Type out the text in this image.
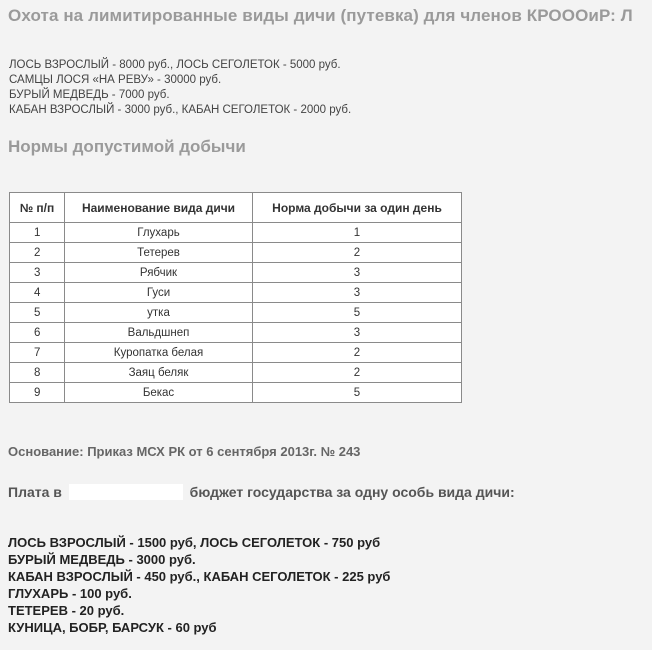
Охота на лимитированные виды дичи (путевка) для членов КРОООиР: Л
ЛОСЬ ВЗРОСЛЫЙ - 8000 руб., ЛОСЬ СЕГОЛЕТОК - 5000 руб.
САМЦЫ ЛОСЯ «НА РЕВУ» - 30000 руб.
БУРЫЙ МЕДВЕДЬ - 7000 руб.
КАБАН ВЗРОСЛЫЙ - 3000 руб., КАБАН СЕГОЛЕТОК - 2000 руб.
Нормы допустимой добычи
№ п/п	Наименование вида дичи	Норма добычи за один день
1	Глухарь	1
2	Тетерев	2
3	Рябчик	3
4	Гуси	3
5	утка	5
6	Вальдшнеп	3
7	Куропатка белая	2
8	Заяц беляк	2
9	Бекас	5
Основание: Приказ МСХ РК от 6 сентября 2013г. № 243
Плата в	бюджет государства за одну особь вида дичи:
ЛОСЬ ВЗРОСЛЫЙ - 1500 руб, ЛОСЬ СЕГОЛЕТОК - 750 руб
БУРЫЙ МЕДВЕДЬ - 3000 руб.
КАБАН ВЗРОСЛЫЙ - 450 руб., КАБАН СЕГОЛЕТОК - 225 руб
ГЛУХАРЬ - 100 руб.
ТЕТЕРЕВ - 20 руб.
КУНИЦА, БОБР, БАРСУК - 60 руб
